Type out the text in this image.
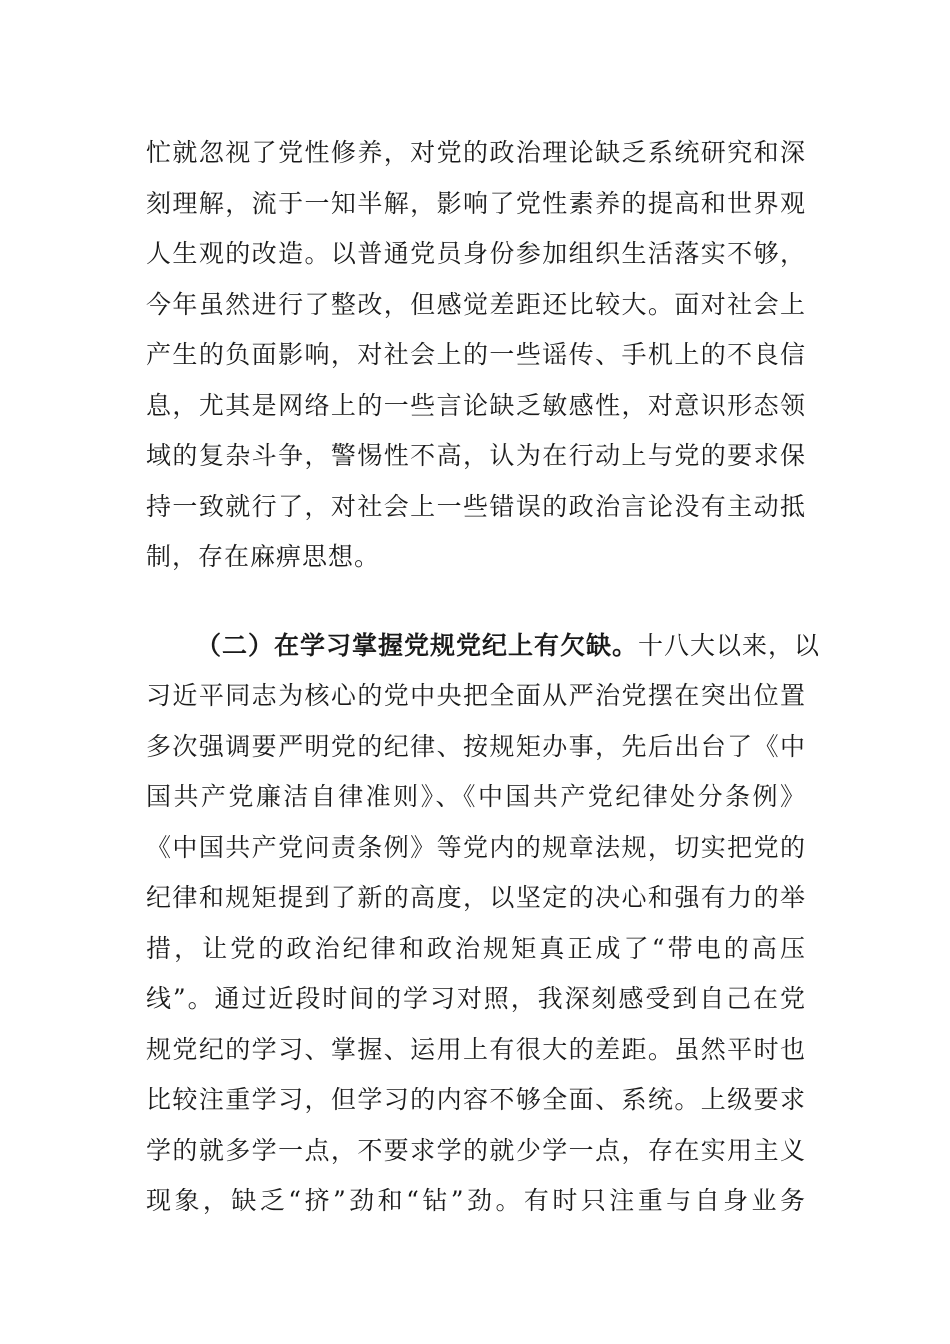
忙就忽视了党性修养，对党的政治理论缺乏系统研究和深
刻理解，流于一知半解，影响了党性素养的提高和世界观
人生观的改造。以普通党员身份参加组织生活落实不够，
今年虽然进行了整改，但感觉差距还比较大。面对社会上
产生的负面影响，对社会上的一些谣传、手机上的不良信
息，尤其是网络上的一些言论缺乏敏感性，对意识形态领
域的复杂斗争，警惕性不高，认为在行动上与党的要求保
持一致就行了，对社会上一些错误的政治言论没有主动抵
制，存在麻痹思想。
（二）在学习掌握党规党纪上有欠缺。十八大以来，以
习近平同志为核心的党中央把全面从严治党摆在突出位置
多次强调要严明党的纪律、按规矩办事，先后出台了《中
国共产党廉洁自律准则》、《中国共产党纪律处分条例》
《中国共产党问责条例》等党内的规章法规，切实把党的
纪律和规矩提到了新的高度，以坚定的决心和强有力的举
措，让党的政治纪律和政治规矩真正成了“带电的高压
线”。通过近段时间的学习对照，我深刻感受到自己在党
规党纪的学习、掌握、运用上有很大的差距。虽然平时也
比较注重学习，但学习的内容不够全面、系统。上级要求
学的就多学一点，不要求学的就少学一点，存在实用主义
现象，缺乏“挤”劲和“钻”劲。有时只注重与自身业务
